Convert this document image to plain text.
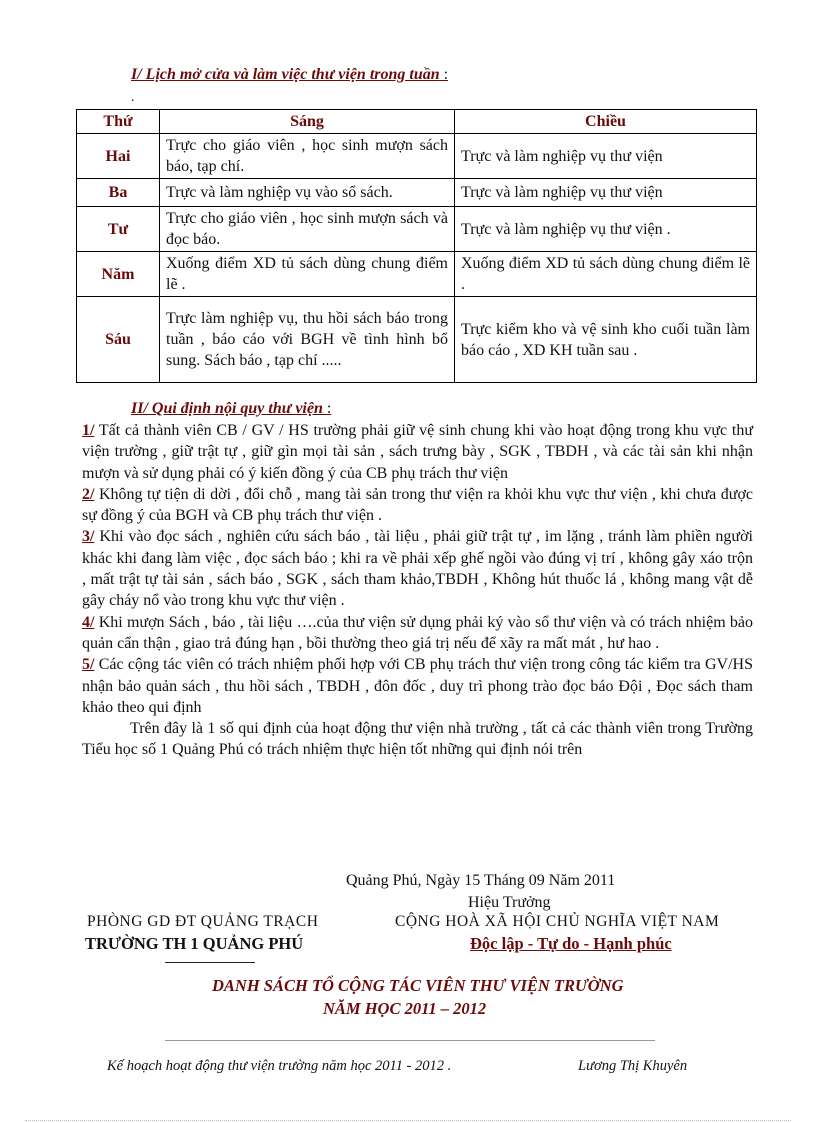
I/ Lịch mở cửa và làm việc thư viện trong tuần :
.
Thứ	Sáng	Chiều
Hai	Trực cho giáo viên , học sinh mượn sách báo, tạp chí.	Trực và làm nghiệp vụ thư viện
Ba	Trực và làm nghiệp vụ vào sổ sách.	Trực và làm nghiệp vụ thư viện
Tư	Trực cho giáo viên , học sinh mượn sách và đọc báo.	Trực và làm nghiệp vụ thư viện .
Năm	Xuống điểm XD tủ sách dùng chung điểm lẽ .	Xuống điểm XD tủ sách dùng chung điểm lẽ .
Sáu	Trực làm nghiệp vụ, thu hồi sách báo trong tuần , báo cáo với BGH về tình hình bổ sung. Sách báo , tạp chí .....	Trực kiểm kho và vệ sinh kho cuối tuần làm báo cáo , XD KH tuần sau .
II/ Qui định nội quy thư viện :

1/ Tất cả thành viên CB / GV / HS trường phải giữ vệ sinh chung khi vào hoạt động trong khu vực thư viện trường , giữ trật tự , giữ gìn mọi tài sản , sách trưng bày , SGK , TBDH , và các tài sản khi nhận mượn và sử dụng phải có ý kiến đồng ý của CB phụ trách thư viện

2/ Không tự tiện di dời , đổi chỗ , mang tài sản trong thư viện ra khỏi khu vực thư viện , khi chưa được sự đồng ý của BGH và CB phụ trách thư viện .

3/ Khi vào đọc sách , nghiên cứu sách báo , tài liệu , phải giữ trật tự , im lặng , tránh làm phiền người khác khi đang làm việc , đọc sách báo ; khi ra về phải xếp ghế ngồi vào đúng vị trí , không gây xáo trộn , mất trật tự tài sản , sách báo , SGK , sách tham khảo,TBDH , Không hút thuốc lá , không mang vật dễ gây cháy nổ vào trong khu vực thư viện .

4/ Khi mượn Sách , báo , tài liệu ….của thư viện sử dụng phải ký vào sổ thư viện và có trách nhiệm bảo quản cẩn thận , giao trả đúng hạn , bồi thường theo giá trị nếu để xãy ra mất mát , hư hao .

5/ Các cộng tác viên có trách nhiệm phối hợp với CB phụ trách thư viện trong công tác kiểm tra GV/HS nhận bảo quản sách , thu hồi sách , TBDH , đôn đốc , duy trì phong trào đọc báo Đội , Đọc sách tham khảo theo qui định

Trên đây là 1 số qui định của hoạt động thư viện nhà trường , tất cả các thành viên trong Trường Tiểu học số 1 Quảng Phú có trách nhiệm thực hiện tốt những qui định nói trên

Quảng Phú, Ngày 15 Tháng 09 Năm 2011
Hiệu Trưởng
PHÒNG GD ĐT QUẢNG TRẠCH
TRƯỜNG TH 1 QUẢNG PHÚ
CỘNG HOÀ XÃ HỘI CHỦ NGHĨA VIỆT NAM
Độc lập - Tự do - Hạnh phúc
DANH SÁCH TỔ CỘNG TÁC VIÊN THƯ VIỆN TRƯỜNG
NĂM HỌC 2011 – 2012
Kế hoạch hoạt động thư viện trường năm học 2011 - 2012 .	Lương Thị Khuyên
